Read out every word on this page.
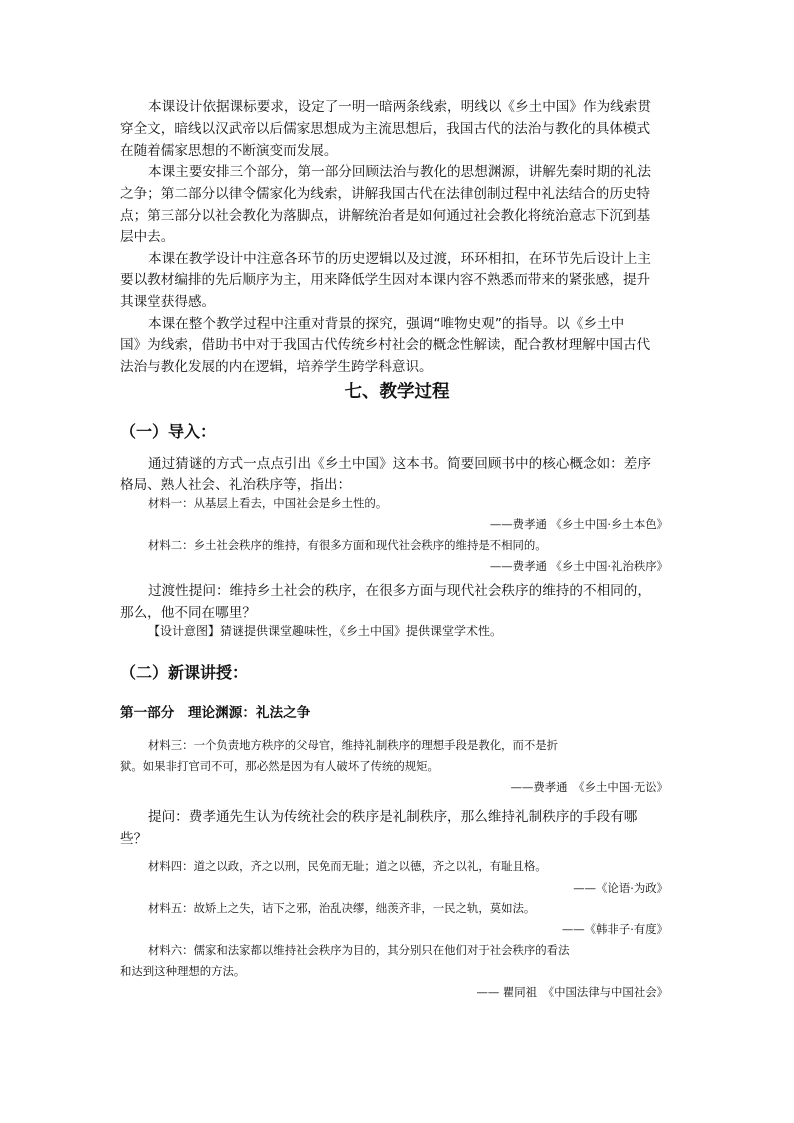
本课设计依据课标要求，设定了一明一暗两条线索，明线以《乡土中国》作为线索贯
穿全文，暗线以汉武帝以后儒家思想成为主流思想后，我国古代的法治与教化的具体模式
在随着儒家思想的不断演变而发展。
本课主要安排三个部分，第一部分回顾法治与教化的思想渊源，讲解先秦时期的礼法
之争；第二部分以律令儒家化为线索，讲解我国古代在法律创制过程中礼法结合的历史特
点；第三部分以社会教化为落脚点，讲解统治者是如何通过社会教化将统治意志下沉到基
层中去。
本课在教学设计中注意各环节的历史逻辑以及过渡，环环相扣，在环节先后设计上主
要以教材编排的先后顺序为主，用来降低学生因对本课内容不熟悉而带来的紧张感，提升
其课堂获得感。
本课在整个教学过程中注重对背景的探究，强调“唯物史观”的指导。以《乡土中
国》为线索，借助书中对于我国古代传统乡村社会的概念性解读，配合教材理解中国古代
法治与教化发展的内在逻辑，培养学生跨学科意识。
七、教学过程
（一）导入：
通过猜谜的方式一点点引出《乡土中国》这本书。简要回顾书中的核心概念如：差序
格局、熟人社会、礼治秩序等，指出：
材料一：从基层上看去，中国社会是乡土性的。
——费孝通 《乡土中国·乡土本色》
材料二：乡土社会秩序的维持，有很多方面和现代社会秩序的维持是不相同的。
——费孝通 《乡土中国·礼治秩序》
过渡性提问：维持乡土社会的秩序，在很多方面与现代社会秩序的维持的不相同的，
那么，他不同在哪里？
【设计意图】猜谜提供课堂趣味性，《乡土中国》提供课堂学术性。
（二）新课讲授：
第一部分　理论渊源：礼法之争
材料三：一个负责地方秩序的父母官，维持礼制秩序的理想手段是教化，而不是折
狱。如果非打官司不可，那必然是因为有人破坏了传统的规矩。
——费孝通　《乡土中国·无讼》
提问：费孝通先生认为传统社会的秩序是礼制秩序，那么维持礼制秩序的手段有哪
些？
材料四：道之以政，齐之以刑，民免而无耻；道之以德，齐之以礼，有耻且格。
——《论语·为政》
材料五：故矫上之失，诘下之邪，治乱决缪，绌羡齐非，一民之轨，莫如法。
——《韩非子·有度》
材料六：儒家和法家都以维持社会秩序为目的，其分别只在他们对于社会秩序的看法
和达到这种理想的方法。
—— 瞿同祖　《中国法律与中国社会》
